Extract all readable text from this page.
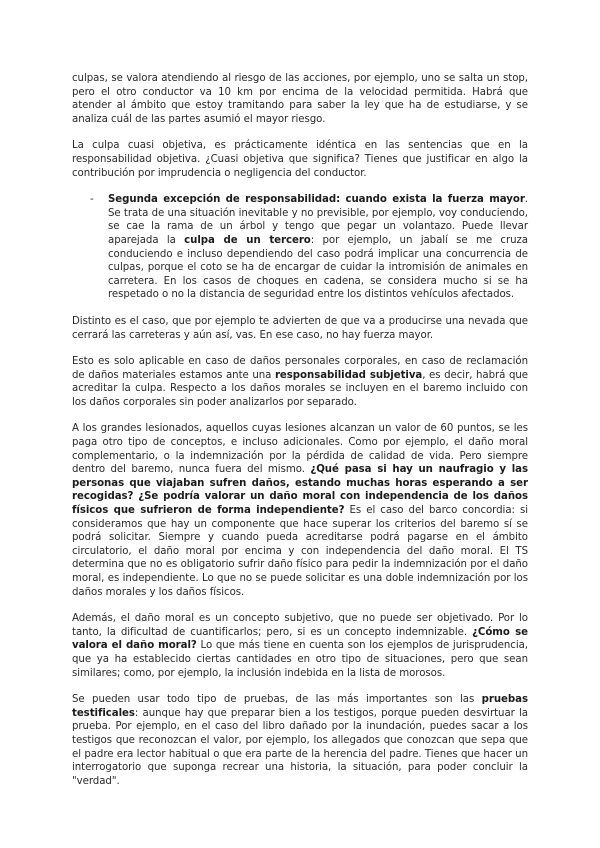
culpas, se valora atendiendo al riesgo de las acciones, por ejemplo, uno se salta un stop, pero el otro conductor va 10 km por encima de la velocidad permitida. Habrá que atender al ámbito que estoy tramitando para saber la ley que ha de estudiarse, y se analiza cuál de las partes asumió el mayor riesgo.

La culpa cuasi objetiva, es prácticamente idéntica en las sentencias que en la responsabilidad objetiva. ¿Cuasi objetiva que significa? Tienes que justificar en algo la contribución por imprudencia o negligencia del conductor.

- Segunda excepción de responsabilidad: cuando exista la fuerza mayor. Se trata de una situación inevitable y no previsible, por ejemplo, voy conduciendo, se cae la rama de un árbol y tengo que pegar un volantazo. Puede llevar aparejada la culpa de un tercero: por ejemplo, un jabalí se me cruza conduciendo e incluso dependiendo del caso podrá implicar una concurrencia de culpas, porque el coto se ha de encargar de cuidar la intromisión de animales en carretera. En los casos de choques en cadena, se considera mucho si se ha respetado o no la distancia de seguridad entre los distintos vehículos afectados.

Distinto es el caso, que por ejemplo te advierten de que va a producirse una nevada que cerrará las carreteras y aún así, vas. En ese caso, no hay fuerza mayor.

Esto es solo aplicable en caso de daños personales corporales, en caso de reclamación de daños materiales estamos ante una responsabilidad subjetiva, es decir, habrá que acreditar la culpa. Respecto a los daños morales se incluyen en el baremo incluido con los daños corporales sin poder analizarlos por separado.

A los grandes lesionados, aquellos cuyas lesiones alcanzan un valor de 60 puntos, se les paga otro tipo de conceptos, e incluso adicionales. Como por ejemplo, el daño moral complementario, o la indemnización por la pérdida de calidad de vida. Pero siempre dentro del baremo, nunca fuera del mismo. ¿Qué pasa si hay un naufragio y las personas que viajaban sufren daños, estando muchas horas esperando a ser recogidas? ¿Se podría valorar un daño moral con independencia de los daños físicos que sufrieron de forma independiente? Es el caso del barco concordia: si consideramos que hay un componente que hace superar los criterios del baremo sí se podrá solicitar. Siempre y cuando pueda acreditarse podrá pagarse en el ámbito circulatorio, el daño moral por encima y con independencia del daño moral. El TS determina que no es obligatorio sufrir daño físico para pedir la indemnización por el daño moral, es independiente. Lo que no se puede solicitar es una doble indemnización por los daños morales y los daños físicos.

Además, el daño moral es un concepto subjetivo, que no puede ser objetivado. Por lo tanto, la dificultad de cuantificarlos; pero, si es un concepto indemnizable. ¿Cómo se valora el daño moral? Lo que más tiene en cuenta son los ejemplos de jurisprudencia, que ya ha establecido ciertas cantidades en otro tipo de situaciones, pero que sean similares; como, por ejemplo, la inclusión indebida en la lista de morosos.

Se pueden usar todo tipo de pruebas, de las más importantes son las pruebas testificales: aunque hay que preparar bien a los testigos, porque pueden desvirtuar la prueba. Por ejemplo, en el caso del libro dañado por la inundación, puedes sacar a los testigos que reconozcan el valor, por ejemplo, los allegados que conozcan que sepa que el padre era lector habitual o que era parte de la herencia del padre. Tienes que hacer un interrogatorio que suponga recrear una historia, la situación, para poder concluir la "verdad".
